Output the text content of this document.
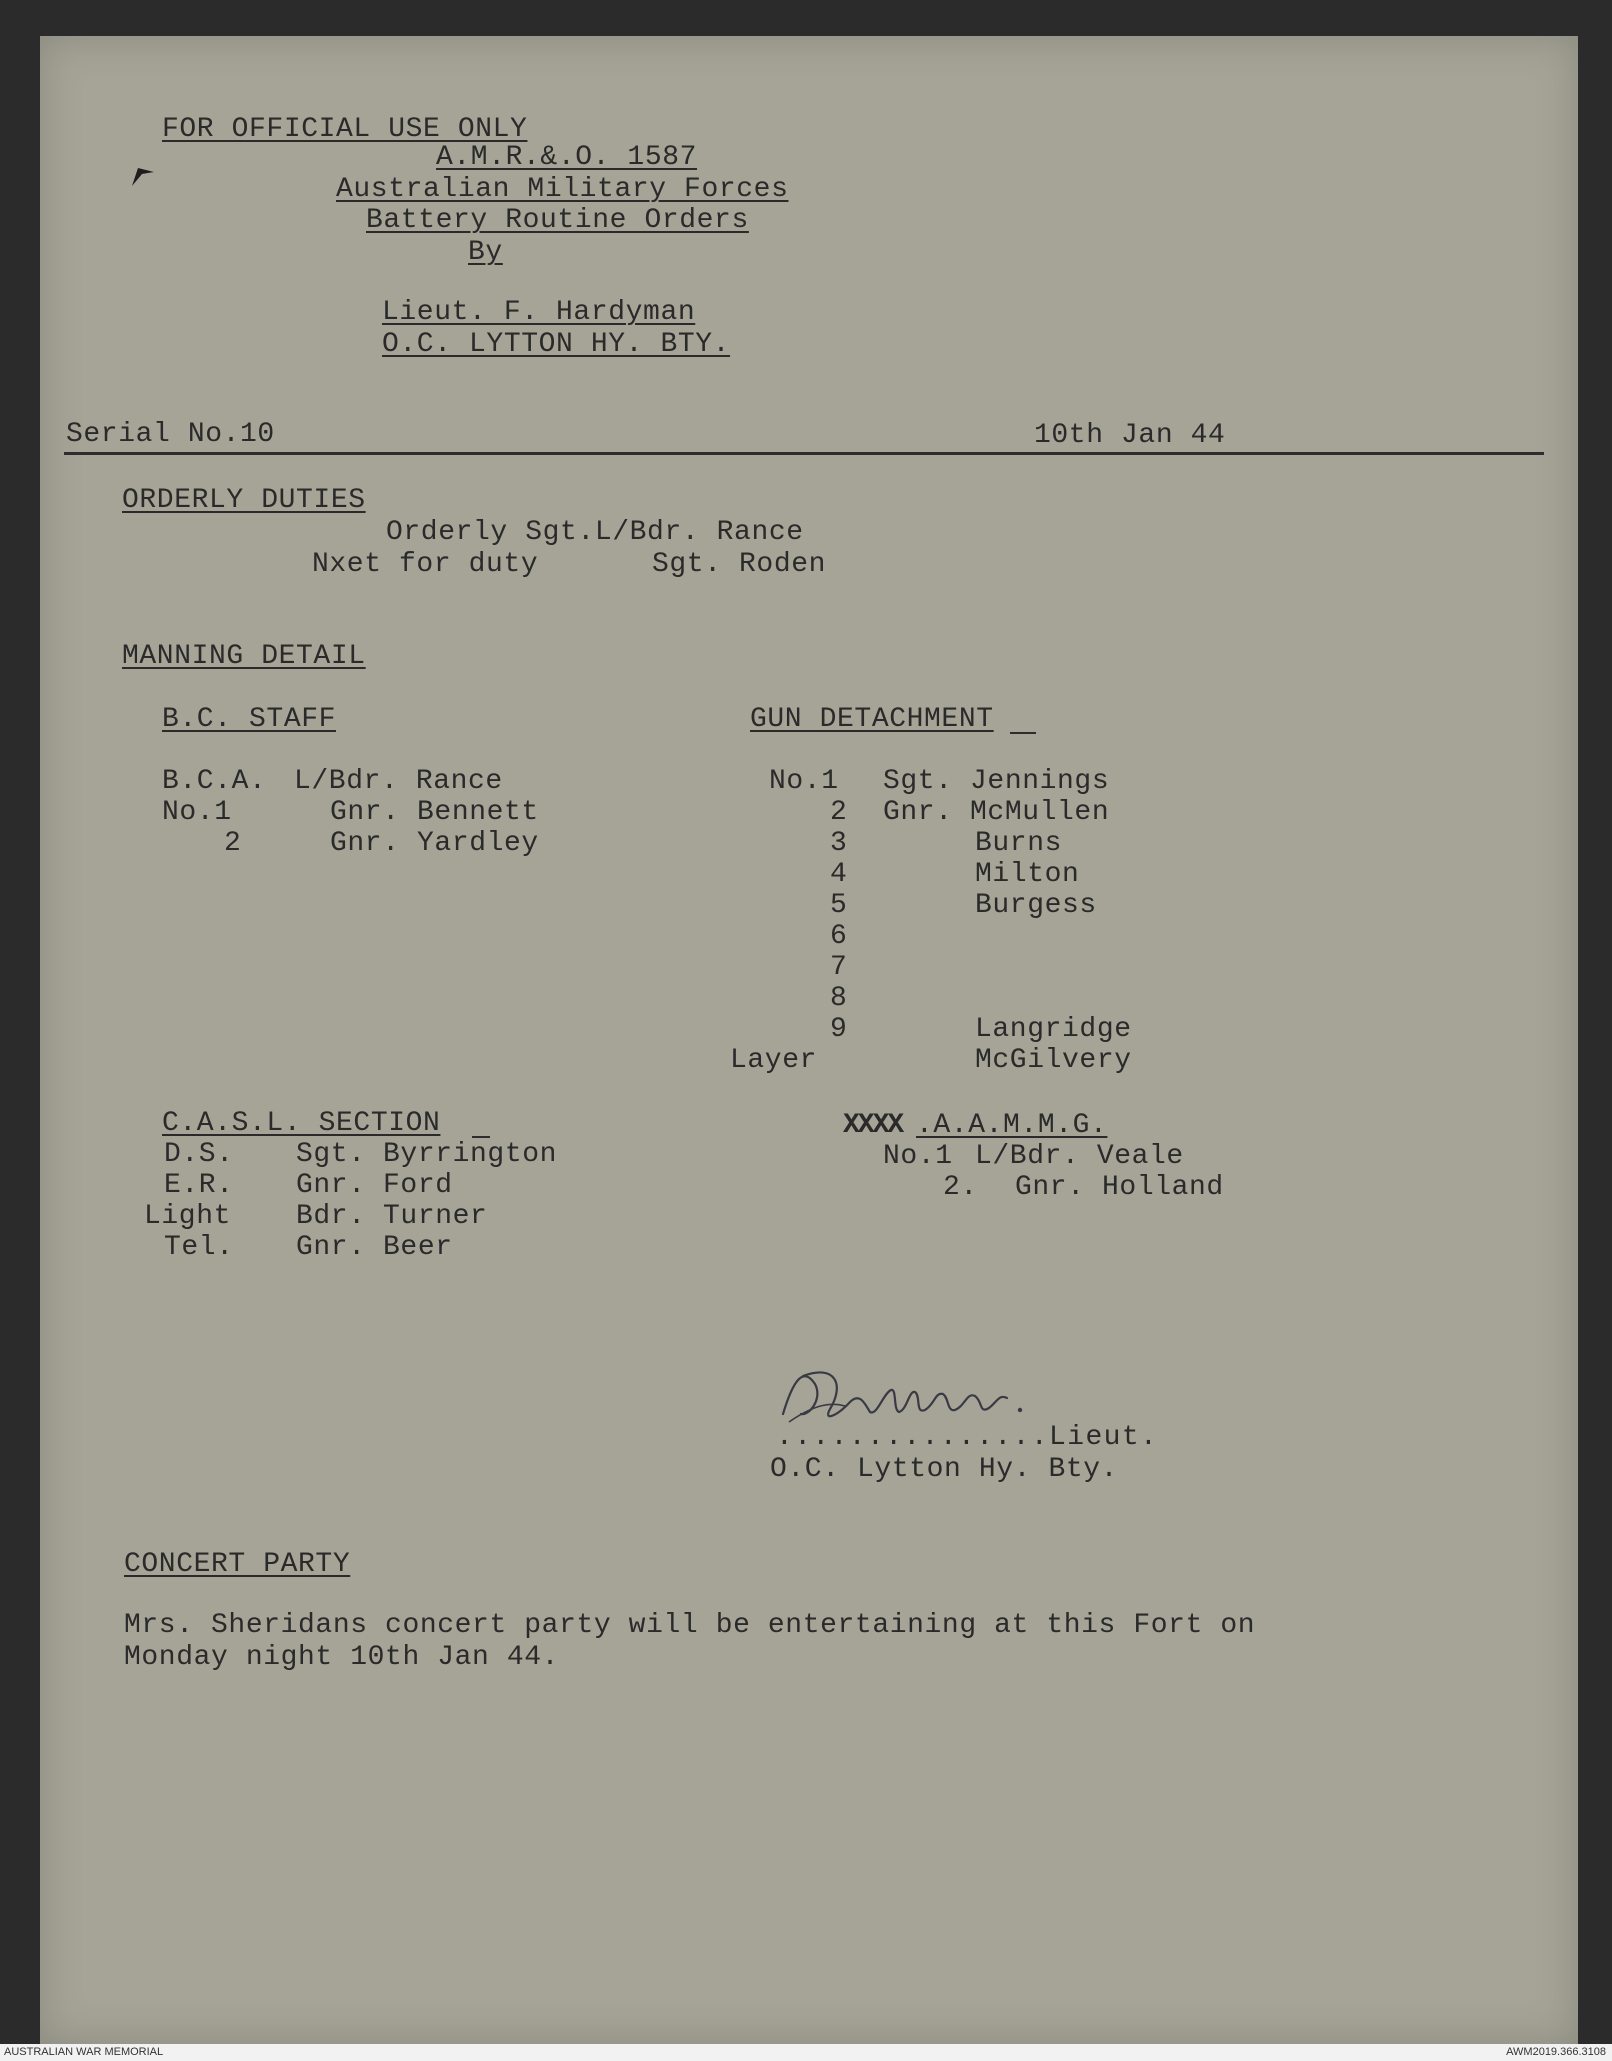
FOR OFFICIAL USE ONLY
A.M.R.&.O. 1587
Australian Military Forces
Battery Routine Orders
By
Lieut. F. Hardyman
O.C. LYTTON HY. BTY.
Serial No.10	10th Jan 44
ORDERLY DUTIES
Orderly Sgt.L/Bdr. Rance
Nxet for duty	Sgt. Roden
MANNING DETAIL
B.C. STAFF
B.C.A. L/Bdr. Rance
No.1	Gnr. Bennett
2	Gnr. Yardley
GUN DETACHMENT
No.1 Sgt. Jennings
2 Gnr. McMullen
3	Burns
4	Milton
5	Burgess
6
7
8
9	Langridge
Layer	McGilvery
C.A.S.L. SECTION
D.S. Sgt. Byrrington
E.R. Gnr. Ford
Light Bdr. Turner
Tel. Gnr. Beer
XXXX .A.A.M.M.G.
No.1 L/Bdr. Veale
2. Gnr. Holland
...............Lieut.
O.C. Lytton Hy. Bty.
CONCERT PARTY
Mrs. Sheridans concert party will be entertaining at this Fort on
Monday night 10th Jan 44.
AUSTRALIAN WAR MEMORIAL	AWM2019.366.3108
